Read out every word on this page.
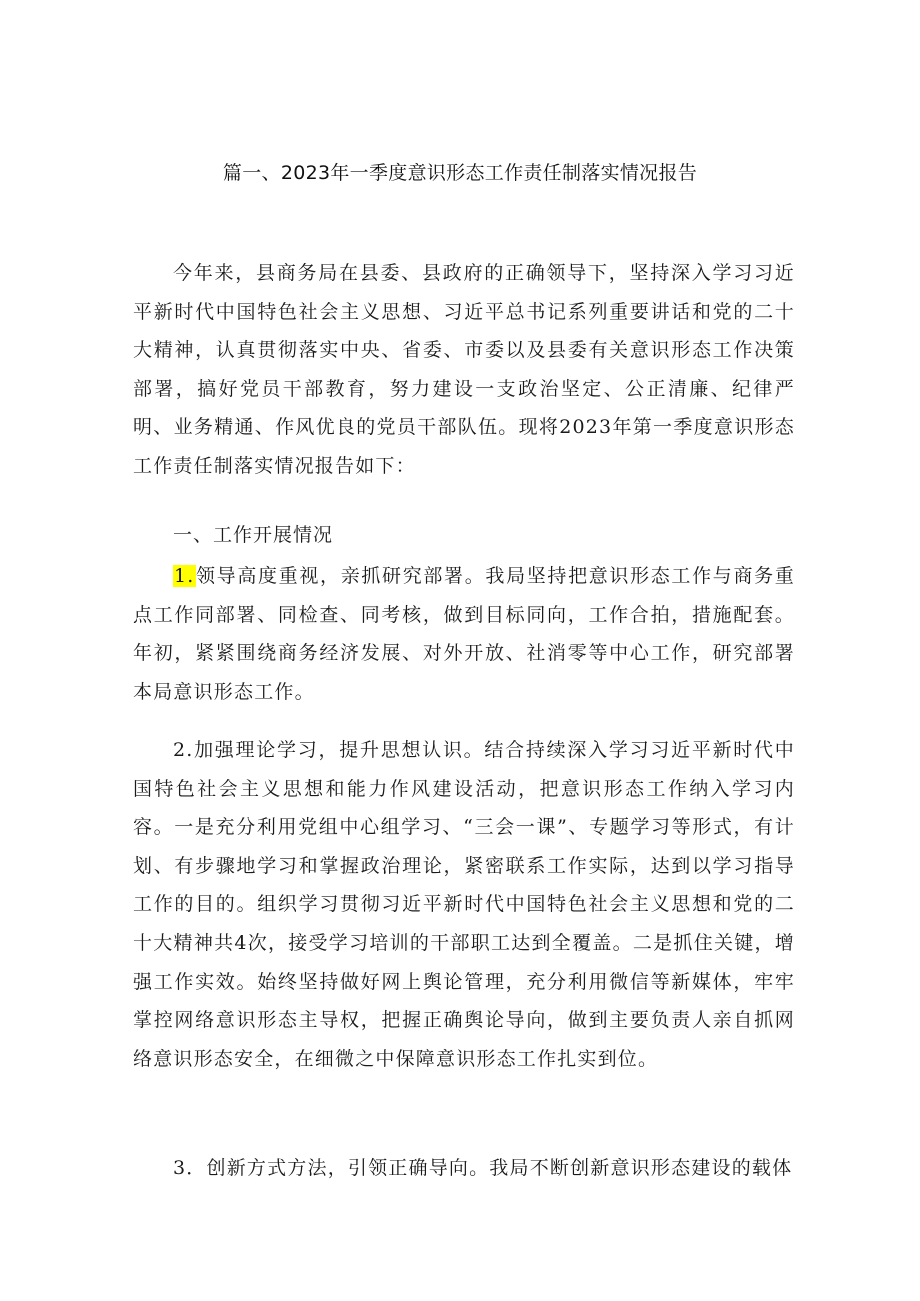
篇一、2023年一季度意识形态工作责任制落实情况报告

今年来，县商务局在县委、县政府的正确领导下，坚持深入学习习近平新时代中国特色社会主义思想、习近平总书记系列重要讲话和党的二十大精神，认真贯彻落实中央、省委、市委以及县委有关意识形态工作决策部署，搞好党员干部教育，努力建设一支政治坚定、公正清廉、纪律严明、业务精通、作风优良的党员干部队伍。现将2023年第一季度意识形态工作责任制落实情况报告如下：

一、工作开展情况

1.领导高度重视，亲抓研究部署。我局坚持把意识形态工作与商务重点工作同部署、同检查、同考核，做到目标同向，工作合拍，措施配套。年初，紧紧围绕商务经济发展、对外开放、社消零等中心工作，研究部署本局意识形态工作。

2.加强理论学习，提升思想认识。结合持续深入学习习近平新时代中国特色社会主义思想和能力作风建设活动，把意识形态工作纳入学习内容。一是充分利用党组中心组学习、“三会一课”、专题学习等形式，有计划、有步骤地学习和掌握政治理论，紧密联系工作实际，达到以学习指导工作的目的。组织学习贯彻习近平新时代中国特色社会主义思想和党的二十大精神共4次，接受学习培训的干部职工达到全覆盖。二是抓住关键，增强工作实效。始终坚持做好网上舆论管理，充分利用微信等新媒体，牢牢掌控网络意识形态主导权，把握正确舆论导向，做到主要负责人亲自抓网络意识形态安全，在细微之中保障意识形态工作扎实到位。

3．创新方式方法，引领正确导向。我局不断创新意识形态建设的载体
